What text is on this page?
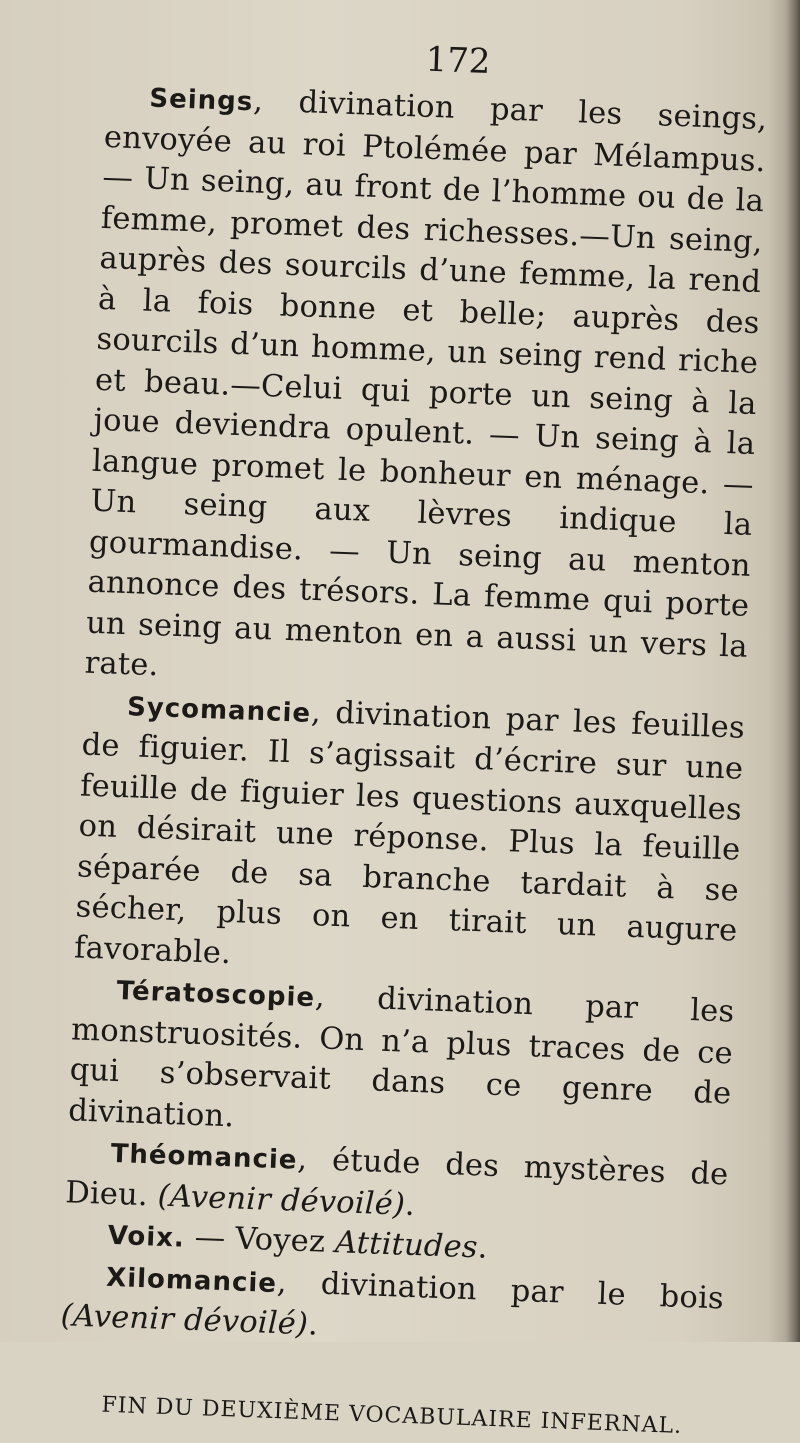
172

Seings, divination par les seings, envoyée au roi Ptolémée par Mélampus. — Un seing, au front de l’homme ou de la femme, promet des richesses.—Un seing, auprès des sourcils d’une femme, la rend à la fois bonne et belle; auprès des sourcils d’un homme, un seing rend riche et beau.—Celui qui porte un seing à la joue deviendra opulent. — Un seing à la langue promet le bonheur en ménage. — Un seing aux lèvres indique la gourmandise. — Un seing au menton annonce des trésors. La femme qui porte un seing au menton en a aussi un vers la rate.

Sycomancie, divination par les feuilles de figuier. Il s’agissait d’écrire sur une feuille de figuier les questions auxquelles on désirait une réponse. Plus la feuille séparée de sa branche tardait à se sécher, plus on en tirait un augure favorable.

Tératoscopie, divination par les monstruosités. On n’a plus traces de ce qui s’observait dans ce genre de divination.

Théomancie, étude des mystères de Dieu. (Avenir dévoilé).

Voix. — Voyez Attitudes.

Xilomancie, divination par le bois (Avenir dévoilé).

FIN DU DEUXIÈME VOCABULAIRE INFERNAL.
